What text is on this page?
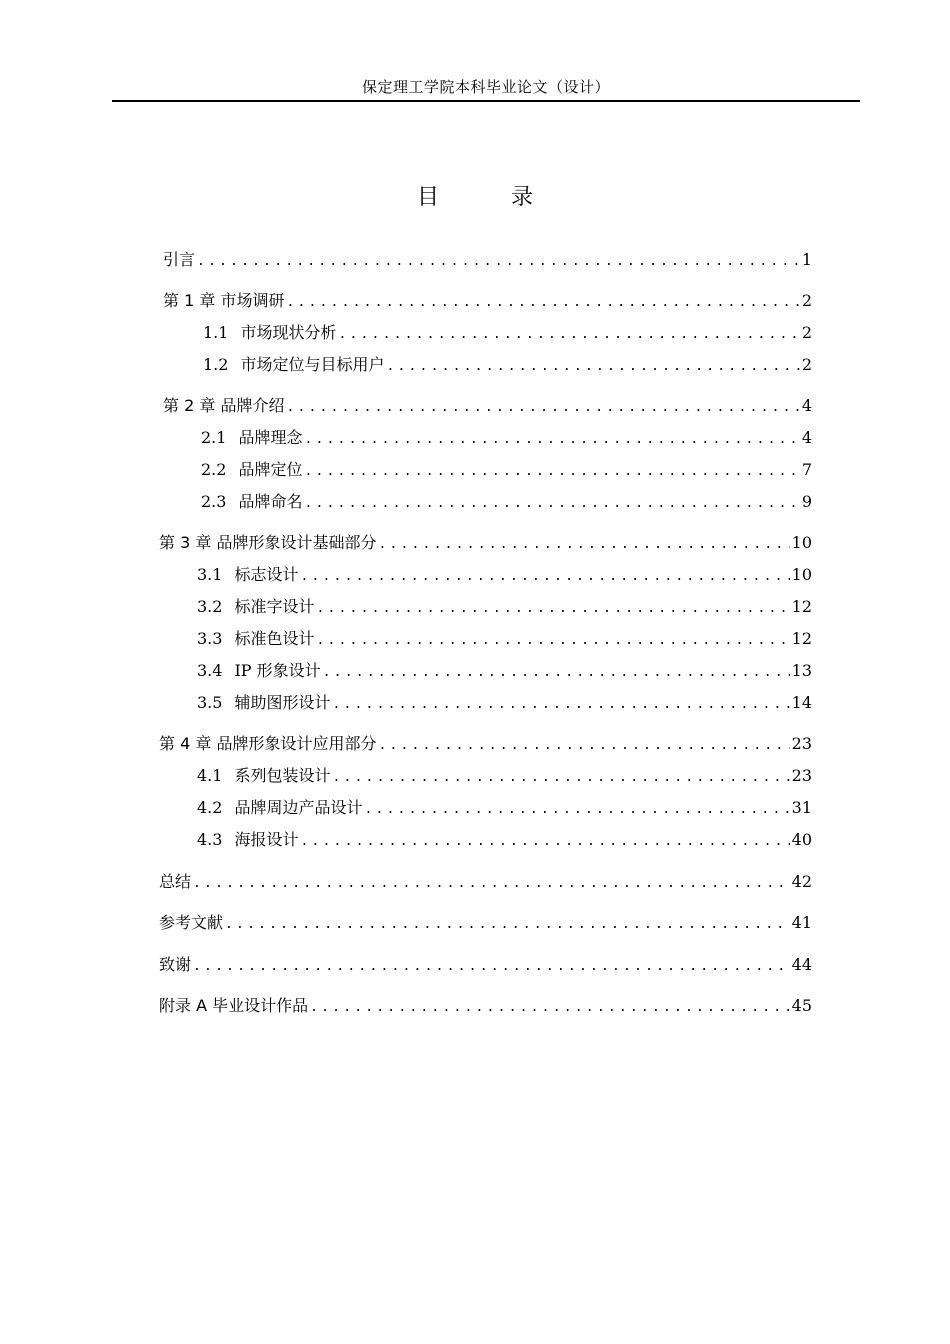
保定理工学院本科毕业论文（设计）
目	录
引言 .....	1
第 1 章 市场调研 .....	2
1.1 市场现状分析 .....	2
1.2 市场定位与目标用户 .....	2
第 2 章 品牌介绍 .....	4
2.1 品牌理念 .....	4
2.2 品牌定位 .....	7
2.3 品牌命名 .....	9
第 3 章 品牌形象设计基础部分 .....	10
3.1 标志设计 .....	10
3.2 标准字设计 .....	12
3.3 标准色设计 .....	12
3.4 IP 形象设计 .....	13
3.5 辅助图形设计 .....	14
第 4 章 品牌形象设计应用部分 .....	23
4.1 系列包装设计 .....	23
4.2 品牌周边产品设计 .....	31
4.3 海报设计 .....	40
总结 .....	42
参考文献 .....	41
致谢 .....	44
附录 A 毕业设计作品 .....	45
